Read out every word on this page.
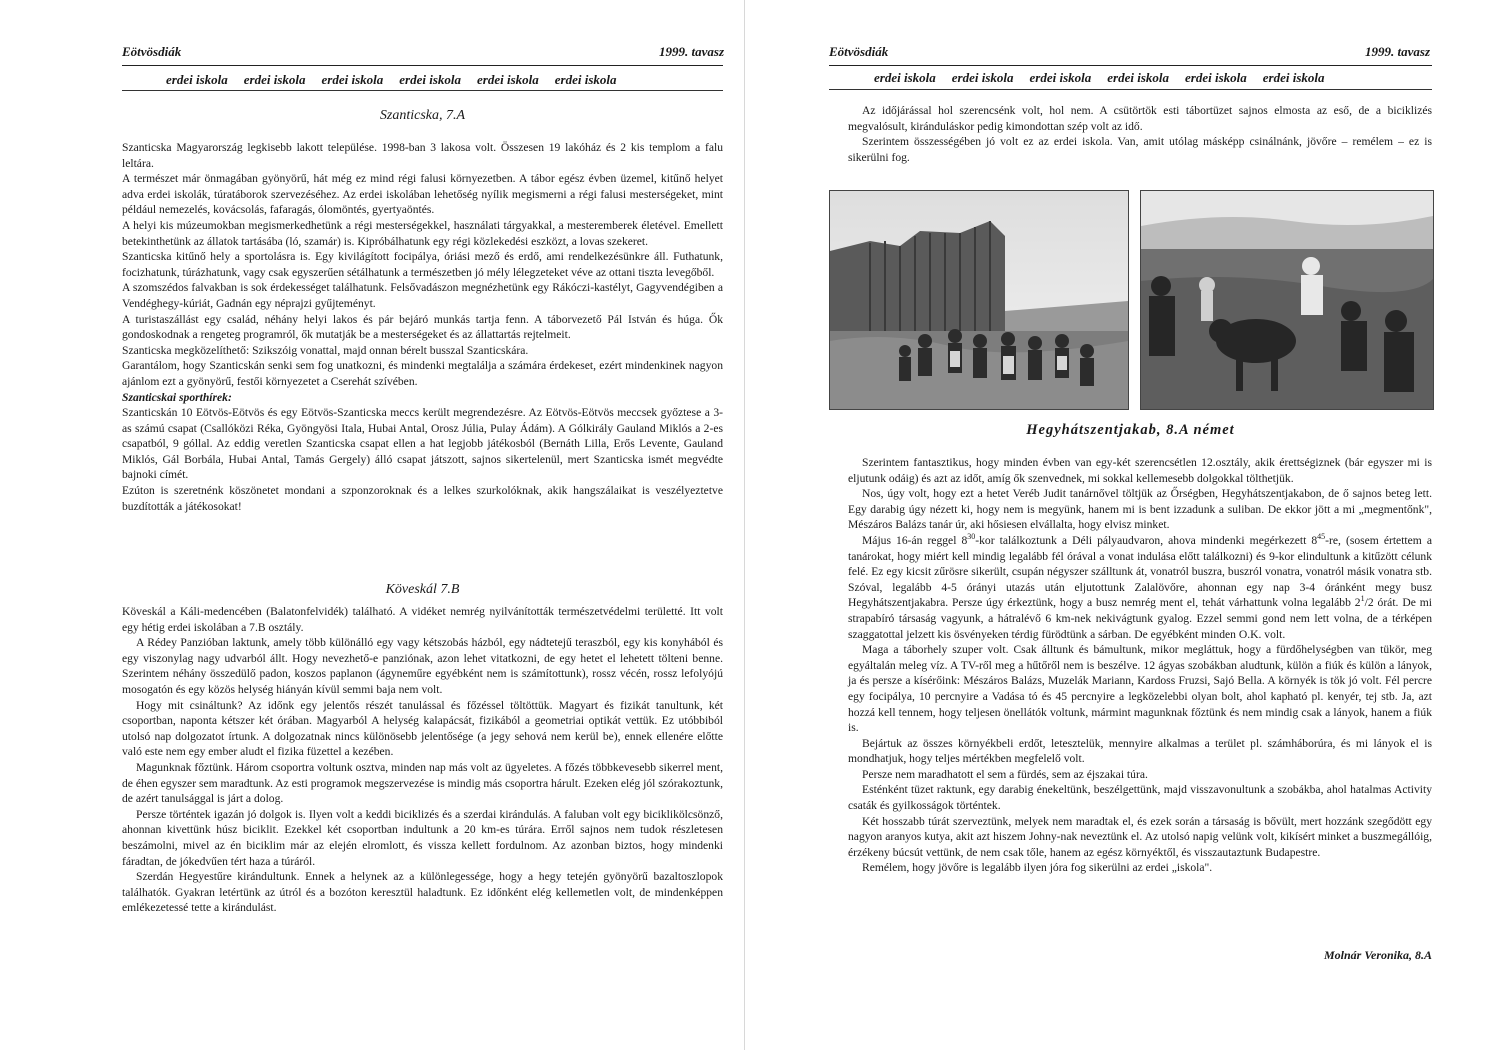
Eötvösdiák	1999. tavasz
erdei iskola erdei iskola erdei iskola erdei iskola erdei iskola erdei iskola
Szanticska, 7.A

Szanticska Magyarország legkisebb lakott települése. 1998-ban 3 lakosa volt. Összesen 19 lakóház és 2 kis templom a falu leltára.

A természet már önmagában gyönyörű, hát még ez mind régi falusi környezetben. A tábor egész évben üzemel, kitűnő helyet adva erdei iskolák, túratáborok szervezéséhez. Az erdei iskolában lehetőség nyílik megismerni a régi falusi mesterségeket, mint például nemezelés, kovácsolás, fafaragás, ólomöntés, gyertyaöntés.

A helyi kis múzeumokban megismerkedhetünk a régi mesterségekkel, használati tárgyakkal, a mesteremberek életével. Emellett betekinthetünk az állatok tartásába (ló, szamár) is. Kipróbálhatunk egy régi közlekedési eszközt, a lovas szekeret.

Szanticska kitűnő hely a sportolásra is. Egy kivilágított focipálya, óriási mező és erdő, ami rendelkezésünkre áll. Futhatunk, focizhatunk, túrázhatunk, vagy csak egyszerűen sétálhatunk a természetben jó mély lélegzeteket véve az ottani tiszta levegőből.

A szomszédos falvakban is sok érdekességet találhatunk. Felsővadászon megnézhetünk egy Rákóczi-kastélyt, Gagyvendégiben a Vendéghegy-kúriát, Gadnán egy néprajzi gyűjteményt.

A turistaszállást egy család, néhány helyi lakos és pár bejáró munkás tartja fenn. A táborvezető Pál István és húga. Ők gondoskodnak a rengeteg programról, ők mutatják be a mesterségeket és az állattartás rejtelmeit.

Szanticska megközelíthető: Szikszóig vonattal, majd onnan bérelt busszal Szanticskára.

Garantálom, hogy Szanticskán senki sem fog unatkozni, és mindenki megtalálja a számára érdekeset, ezért mindenkinek nagyon ajánlom ezt a gyönyörű, festői környezetet a Cserehát szívében.

Szanticskai sporthírek:

Szanticskán 10 Eötvös-Eötvös és egy Eötvös-Szanticska meccs került megrendezésre. Az Eötvös-Eötvös meccsek győztese a 3-as számú csapat (Csallóközi Réka, Gyöngyösi Itala, Hubai Antal, Orosz Júlia, Pulay Ádám). A Gólkirály Gauland Miklós a 2-es csapatból, 9 góllal. Az eddig veretlen Szanticska csapat ellen a hat legjobb játékosból (Bernáth Lilla, Erős Levente, Gauland Miklós, Gál Borbála, Hubai Antal, Tamás Gergely) álló csapat játszott, sajnos sikertelenül, mert Szanticska ismét megvédte bajnoki címét.

Ezúton is szeretnénk köszönetet mondani a szponzoroknak és a lelkes szurkolóknak, akik hangszálaikat is veszélyeztetve buzdították a játékosokat!

Köveskál 7.B

Köveskál a Káli-medencében (Balatonfelvidék) található. A vidéket nemrég nyilvánították természetvédelmi területté. Itt volt egy hétig erdei iskolában a 7.B osztály.

A Rédey Panzióban laktunk, amely több különálló egy vagy kétszobás házból, egy nádtetejű teraszból, egy kis konyhából és egy viszonylag nagy udvarból állt. Hogy nevezhető-e panziónak, azon lehet vitatkozni, de egy hetet el lehetett tölteni benne. Szerintem néhány összedülő padon, koszos paplanon (ágyneműre egyébként nem is számítottunk), rossz vécén, rossz lefolyójú mosogatón és egy közös helység hiányán kívül semmi baja nem volt.

Hogy mit csináltunk? Az időnk egy jelentős részét tanulással és főzéssel töltöttük. Magyart és fizikát tanultunk, két csoportban, naponta kétszer két órában. Magyarból A helység kalapácsát, fizikából a geometriai optikát vettük. Ez utóbbiból utolsó nap dolgozatot írtunk. A dolgozatnak nincs különösebb jelentősége (a jegy sehová nem kerül be), ennek ellenére előtte való este nem egy ember aludt el fizika füzettel a kezében.

Magunknak főztünk. Három csoportra voltunk osztva, minden nap más volt az ügyeletes. A főzés többkevesebb sikerrel ment, de éhen egyszer sem maradtunk. Az esti programok megszervezése is mindig más csoportra hárult. Ezeken elég jól szórakoztunk, de azért tanulsággal is járt a dolog.

Persze történtek igazán jó dolgok is. Ilyen volt a keddi biciklizés és a szerdai kirándulás. A faluban volt egy biciklikölcsönző, ahonnan kivettünk húsz biciklit. Ezekkel két csoportban indultunk a 20 km-es túrára. Erről sajnos nem tudok részletesen beszámolni, mivel az én biciklim már az elején elromlott, és vissza kellett fordulnom. Az azonban biztos, hogy mindenki fáradtan, de jókedvűen tért haza a túráról.

Szerdán Hegyestűre kirándultunk. Ennek a helynek az a különlegessége, hogy a hegy tetején gyönyörű bazaltoszlopok találhatók. Gyakran letértünk az útról és a bozóton keresztül haladtunk. Ez időnként elég kellemetlen volt, de mindenképpen emlékezetessé tette a kirándulást.

Eötvösdiák	1999. tavasz
erdei iskola erdei iskola erdei iskola erdei iskola erdei iskola erdei iskola

Az időjárással hol szerencsénk volt, hol nem. A csütörtök esti tábortüzet sajnos elmosta az eső, de a biciklizés megvalósult, kiránduláskor pedig kimondottan szép volt az idő.

Szerintem összességében jó volt ez az erdei iskola. Van, amit utólag másképp csinálnánk, jövőre – remélem – ez is sikerülni fog.

Hegyhátszentjakab, 8.A német

Szerintem fantasztikus, hogy minden évben van egy-két szerencsétlen 12.osztály, akik érettségiznek (bár egyszer mi is eljutunk odáig) és azt az időt, amíg ők szenvednek, mi sokkal kellemesebb dolgokkal tölthetjük.

Nos, úgy volt, hogy ezt a hetet Veréb Judit tanárnővel töltjük az Őrségben, Hegyhátszentjakabon, de ő sajnos beteg lett. Egy darabig úgy nézett ki, hogy nem is megyünk, hanem mi is bent izzadunk a suliban. De ekkor jött a mi „megmentőnk", Mészáros Balázs tanár úr, aki hősiesen elvállalta, hogy elvisz minket.

Május 16-án reggel $8^{30}$-kor találkoztunk a Déli pályaudvaron, ahova mindenki megérkezett $8^{45}-re$, (sosem értettem a tanárokat, hogy miért kell mindig legalább fél órával a vonat indulása előtt találkozni) és 9-kor elindultunk a kitűzött célunk felé. Ez egy kicsit zűrösre sikerült, csupán négyszer szálltunk át, vonatról buszra, buszról vonatra, vonatról másik vonatra stb. Szóval, legalább 4-5 órányi utazás után eljutottunk Zalalövőre, ahonnan egy nap 3-4 óránként megy busz Hegyhátszentjakabra. Persze úgy érkeztünk, hogy a busz nemrég ment el, tehát várhattunk volna legalább $2^1/2$ órát. De mi strapabíró társaság vagyunk, a hátralévő 6 km-nek nekivágtunk gyalog. Ezzel semmi gond nem lett volna, de a térképen szaggatottal jelzett kis ösvényeken térdig fürödtünk a sárban. De egyébként minden O.K. volt.

Maga a táborhely szuper volt. Csak álltunk és bámultunk, mikor megláttuk, hogy a fürdőhelységben van tükör, meg egyáltalán meleg víz. A TV-ről meg a hűtőről nem is beszélve. 12 ágyas szobákban aludtunk, külön a fiúk és külön a lányok, ja és persze a kísérőink: Mészáros Balázs, Muzelák Mariann, Kardoss Fruzsi, Sajó Bella. A környék is tök jó volt. Fél percre egy focipálya, 10 percnyire a Vadása tó és 45 percnyire a legközelebbi olyan bolt, ahol kapható pl. kenyér, tej stb. Ja, azt hozzá kell tennem, hogy teljesen önellátók voltunk, mármint magunknak főztünk és nem mindig csak a lányok, hanem a fiúk is.

Bejártuk az összes környékbeli erdőt, letesztelük, mennyire alkalmas a terület pl. számháborúra, és mi lányok el is mondhatjuk, hogy teljes mértékben megfelelő volt.

Persze nem maradhatott el sem a fürdés, sem az éjszakai túra.

Esténként tüzet raktunk, egy darabig énekeltünk, beszélgettünk, majd visszavonultunk a szobákba, ahol hatalmas Activity csaták és gyilkosságok történtek.

Két hosszabb túrát szerveztünk, melyek nem maradtak el, és ezek során a társaság is bővült, mert hozzánk szegődött egy nagyon aranyos kutya, akit azt hiszem Johny-nak neveztünk el. Az utolsó napig velünk volt, kikísért minket a buszmegállóig, érzékeny búcsút vettünk, de nem csak tőle, hanem az egész környéktől, és visszautaztunk Budapestre.

Remélem, hogy jövőre is legalább ilyen jóra fog sikerülni az erdei „iskola".

Molnár Veronika, 8.A
